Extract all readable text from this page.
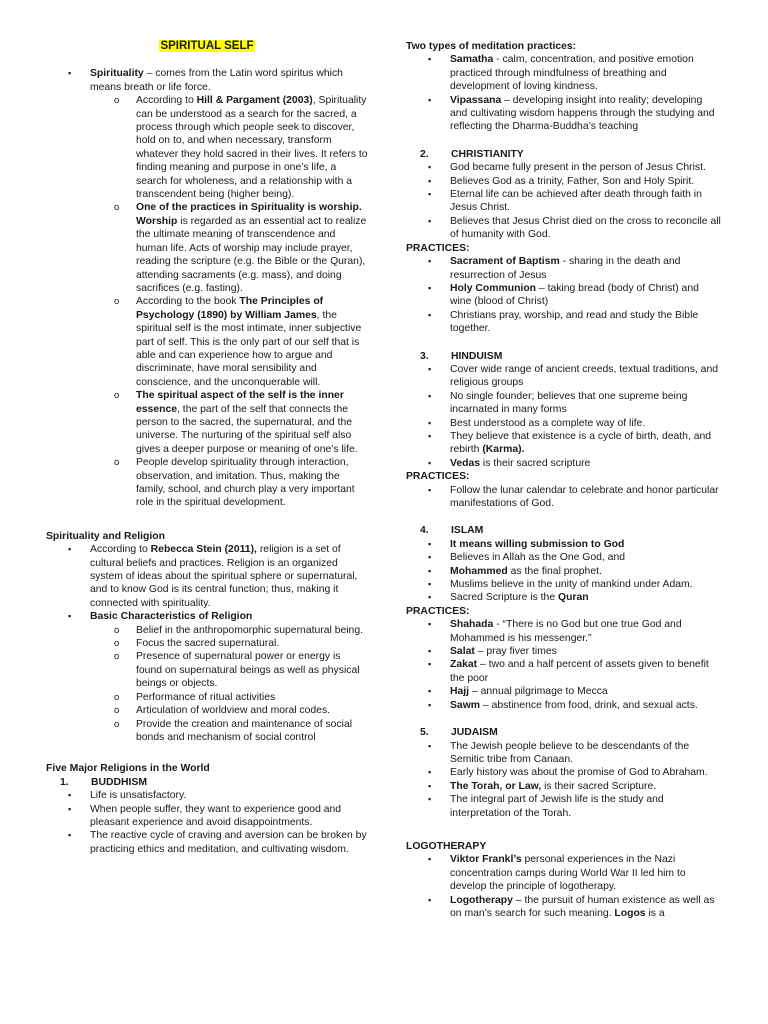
SPIRITUAL SELF
▪ Spirituality – comes from the Latin word spiritus which means breath or life force.
o According to Hill & Pargament (2003), Spirituality can be understood as a search for the sacred, a process through which people seek to discover, hold on to, and when necessary, transform whatever they hold sacred in their lives. It refers to finding meaning and purpose in one’s life, a search for wholeness, and a relationship with a transcendent being (higher being).
o One of the practices in Spirituality is worship. Worship is regarded as an essential act to realize the ultimate meaning of transcendence and human life. Acts of worship may include prayer, reading the scripture (e.g. the Bible or the Quran), attending sacraments (e.g. mass), and doing sacrifices (e.g. fasting).
o According to the book The Principles of Psychology (1890) by William James, the spiritual self is the most intimate, inner subjective part of self. This is the only part of our self that is able and can experience how to argue and discriminate, have moral sensibility and conscience, and the unconquerable will.
o The spiritual aspect of the self is the inner essence, the part of the self that connects the person to the sacred, the supernatural, and the universe. The nurturing of the spiritual self also gives a deeper purpose or meaning of one’s life.
o People develop spirituality through interaction, observation, and imitation. Thus, making the family, school, and church play a very important role in the spiritual development.

Spirituality and Religion

▪ According to Rebecca Stein (2011), religion is a set of cultural beliefs and practices. Religion is an organized system of ideas about the spiritual sphere or supernatural, and to know God is its central function; thus, making it connected with spirituality.
▪ Basic Characteristics of Religion
o Belief in the anthropomorphic supernatural being.
o Focus the sacred supernatural.
o Presence of supernatural power or energy is found on supernatural beings as well as physical beings or objects.
o Performance of ritual activities
o Articulation of worldview and moral codes.
o Provide the creation and maintenance of social bonds and mechanism of social control

Five Major Religions in the World

1. BUDDHISM

▪ Life is unsatisfactory.
▪ When people suffer, they want to experience good and pleasant experience and avoid disappointments.
▪ The reactive cycle of craving and aversion can be broken by practicing ethics and meditation, and cultivating wisdom.

Two types of meditation practices:

▪ Samatha - calm, concentration, and positive emotion practiced through mindfulness of breathing and development of loving kindness.
▪ Vipassana – developing insight into reality; developing and cultivating wisdom happens through the studying and reflecting the Dharma-Buddha’s teaching

2. CHRISTIANITY

▪ God became fully present in the person of Jesus Christ.
▪ Believes God as a trinity, Father, Son and Holy Spirit.
▪ Eternal life can be achieved after death through faith in Jesus Christ.
▪ Believes that Jesus Christ died on the cross to reconcile all of humanity with God.

PRACTICES:

▪ Sacrament of Baptism - sharing in the death and resurrection of Jesus
▪ Holy Communion – taking bread (body of Christ) and wine (blood of Christ)
▪ Christians pray, worship, and read and study the Bible together.

3. HINDUISM

▪ Cover wide range of ancient creeds, textual traditions, and religious groups
▪ No single founder; believes that one supreme being incarnated in many forms
▪ Best understood as a complete way of life.
▪ They believe that existence is a cycle of birth, death, and rebirth (Karma).
▪ Vedas is their sacred scripture

PRACTICES:

▪ Follow the lunar calendar to celebrate and honor particular manifestations of God.

4. ISLAM

▪ It means willing submission to God
▪ Believes in Allah as the One God, and
▪ Mohammed as the final prophet.
▪ Muslims believe in the unity of mankind under Adam.
▪ Sacred Scripture is the Quran

PRACTICES:

▪ Shahada - “There is no God but one true God and Mohammed is his messenger.”
▪ Salat – pray fiver times
▪ Zakat – two and a half percent of assets given to benefit the poor
▪ Hajj – annual pilgrimage to Mecca
▪ Sawm – abstinence from food, drink, and sexual acts.

5. JUDAISM

▪ The Jewish people believe to be descendants of the Semitic tribe from Canaan.
▪ Early history was about the promise of God to Abraham.
▪ The Torah, or Law, is their sacred Scripture.
▪ The integral part of Jewish life is the study and interpretation of the Torah.

LOGOTHERAPY

▪ Viktor Frankl’s personal experiences in the Nazi concentration camps during World War II led him to develop the principle of logotherapy.
▪ Logotherapy – the pursuit of human existence as well as on man’s search for such meaning. Logos is a
